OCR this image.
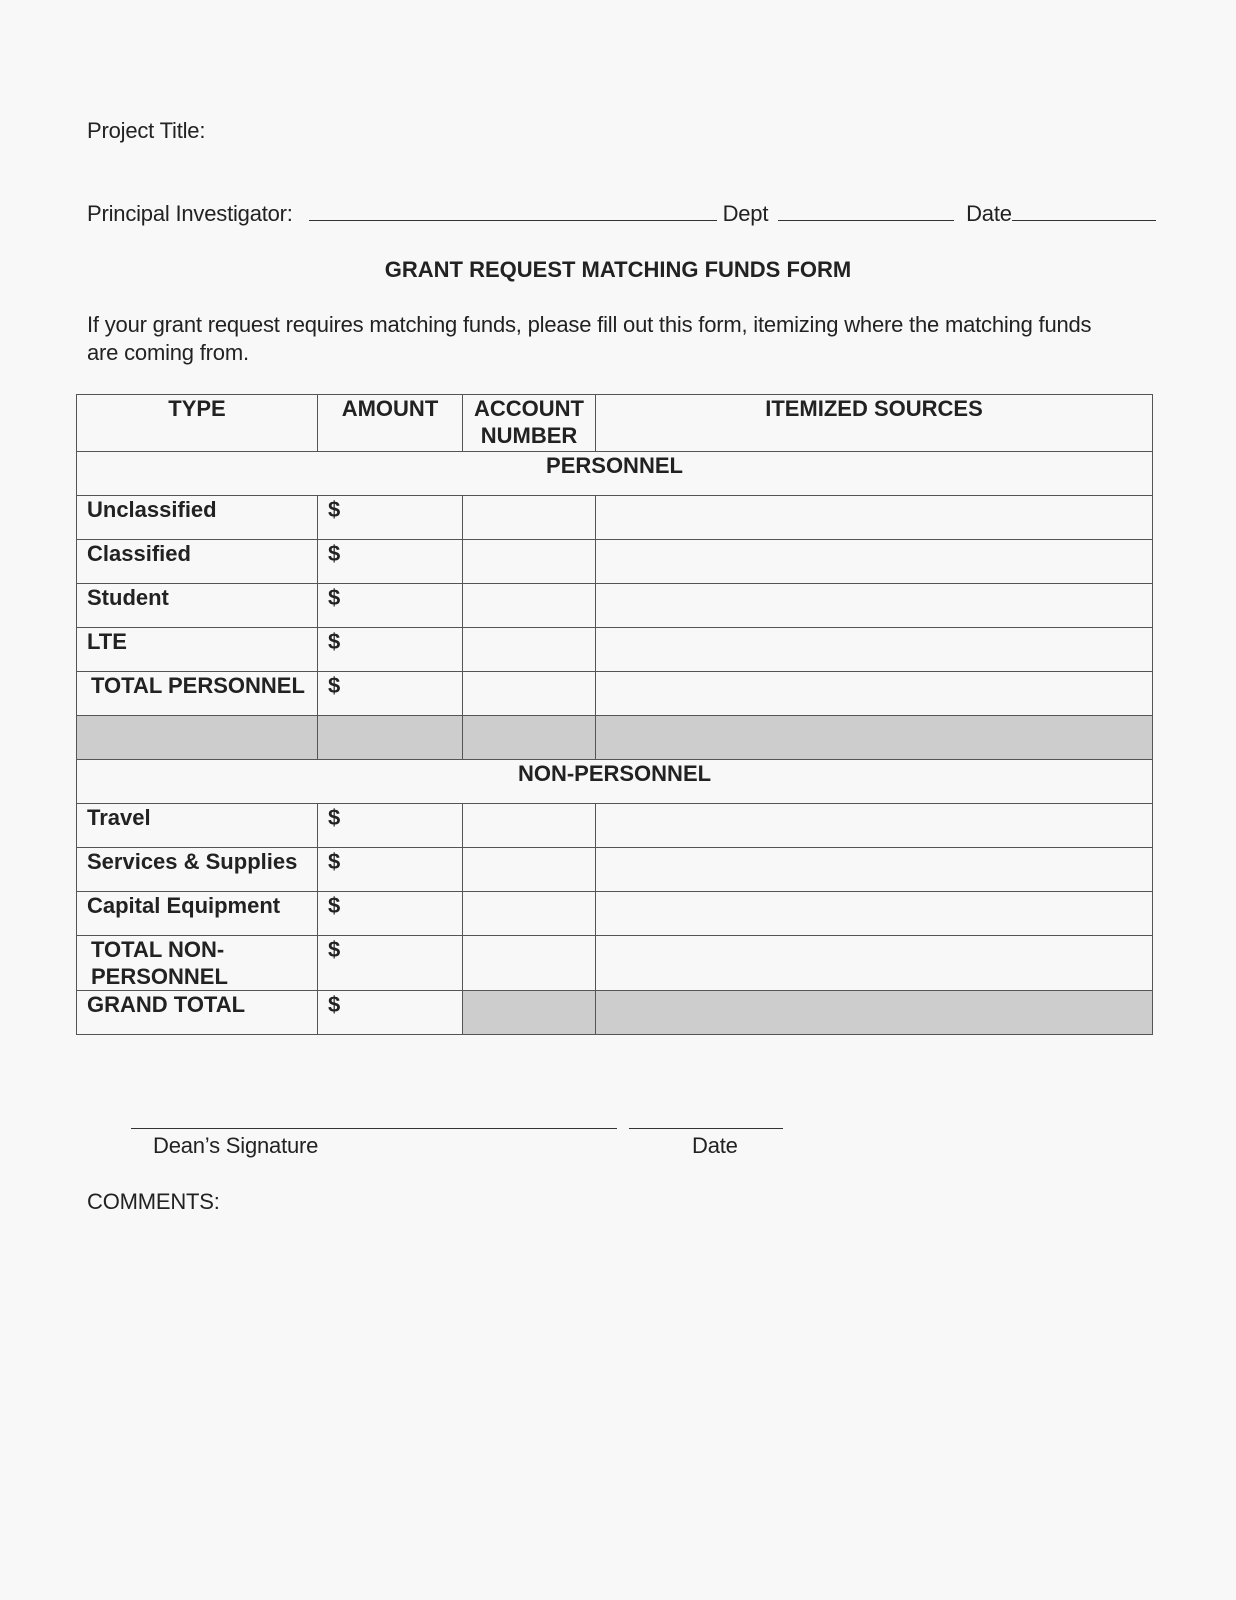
Project Title:
Principal Investigator:	Dept	Date
GRANT REQUEST MATCHING FUNDS FORM
If your grant request requires matching funds, please fill out this form, itemizing where the matching funds are coming from.
TYPE	AMOUNT	ACCOUNT NUMBER	ITEMIZED SOURCES
PERSONNEL			
Unclassified	$		
Classified	$		
Student	$		
LTE	$		
TOTAL PERSONNEL	$		

NON-PERSONNEL			
Travel	$		
Services & Supplies	$		
Capital Equipment	$		
TOTAL NON-PERSONNEL	$		
GRAND TOTAL	$		
Dean’s Signature	Date
COMMENTS:
